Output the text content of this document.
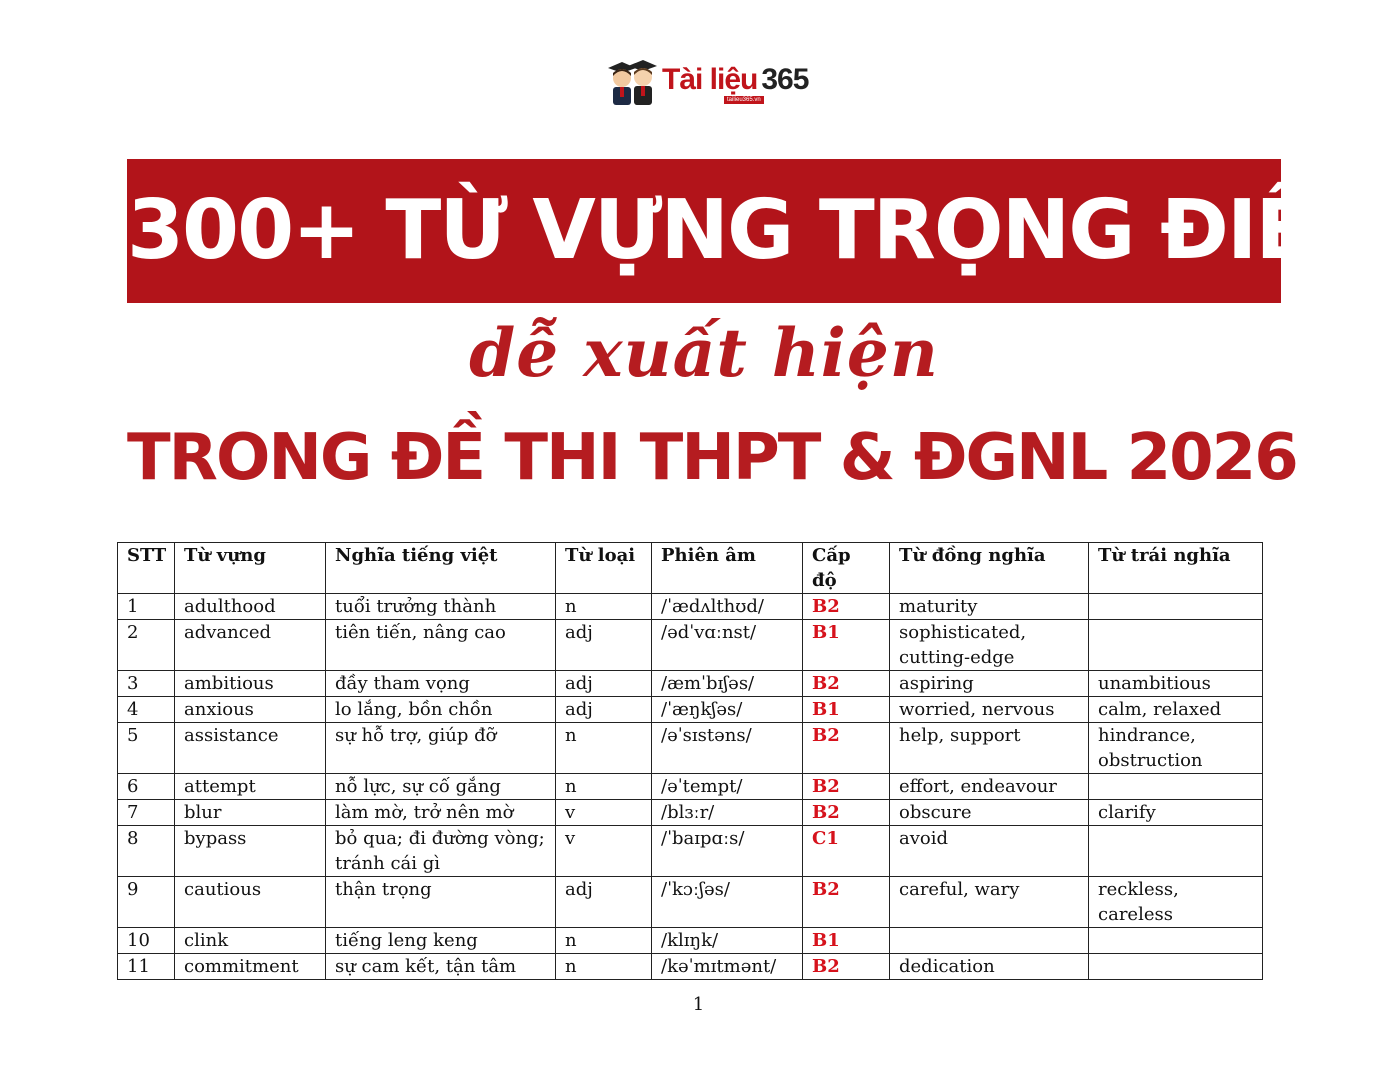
Tài liệu 365
tailieu365.vn
300+ TỪ VỰNG TRỌNG ĐIỂM
dễ xuất hiện
TRONG ĐỀ THI THPT & ĐGNL 2026
STT	Từ vựng	Nghĩa tiếng việt	Từ loại	Phiên âm	Cấp độ	Từ đồng nghĩa	Từ trái nghĩa
1	adulthood	tuổi trưởng thành	n	/ˈædʌlthʊd/	B2	maturity	
2	advanced	tiên tiến, nâng cao	adj	/ədˈvɑːnst/	B1	sophisticated, cutting-edge	
3	ambitious	đầy tham vọng	adj	/æmˈbɪʃəs/	B2	aspiring	unambitious
4	anxious	lo lắng, bồn chồn	adj	/ˈæŋkʃəs/	B1	worried, nervous	calm, relaxed
5	assistance	sự hỗ trợ, giúp đỡ	n	/əˈsɪstəns/	B2	help, support	hindrance, obstruction
6	attempt	nỗ lực, sự cố gắng	n	/əˈtempt/	B2	effort, endeavour	
7	blur	làm mờ, trở nên mờ	v	/blɜːr/	B2	obscure	clarify
8	bypass	bỏ qua; đi đường vòng; tránh cái gì	v	/ˈbaɪpɑːs/	C1	avoid	
9	cautious	thận trọng	adj	/ˈkɔːʃəs/	B2	careful, wary	reckless, careless
10	clink	tiếng leng keng	n	/klɪŋk/	B1		
11	commitment	sự cam kết, tận tâm	n	/kəˈmɪtmənt/	B2	dedication	
1
